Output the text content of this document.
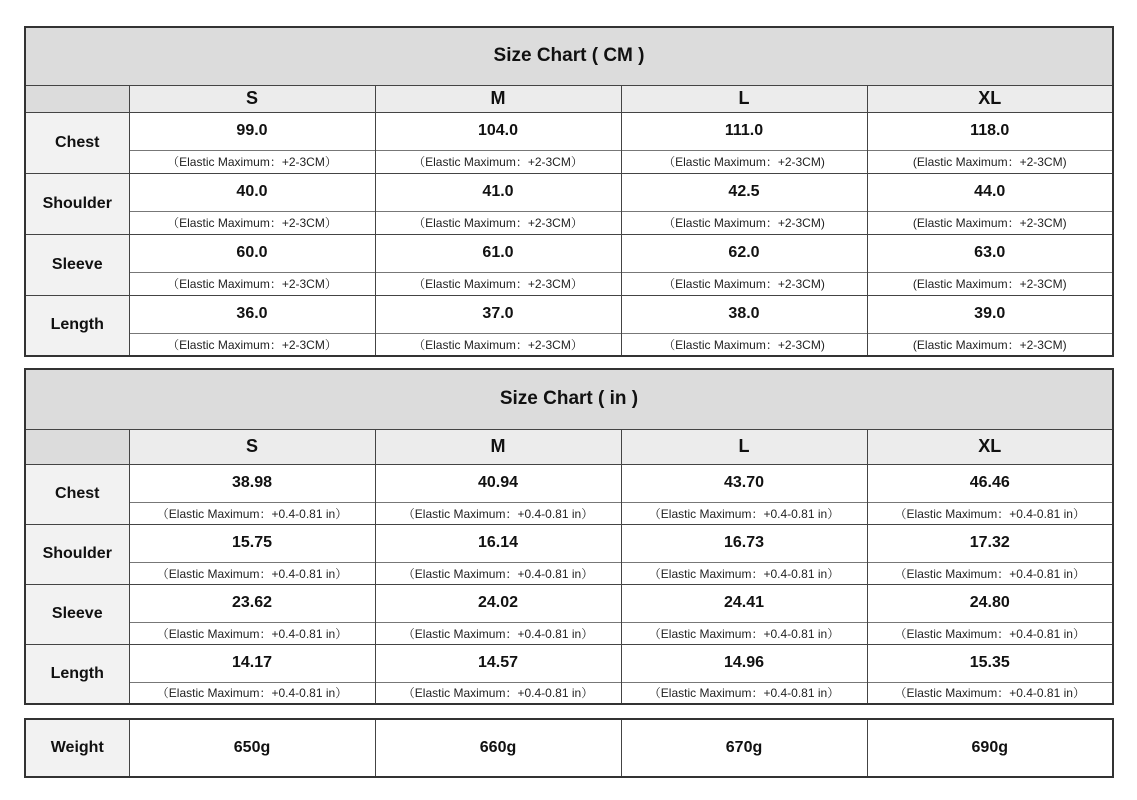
Size Chart ( CM )				
	S	M	L	XL
Chest	99.0	104.0	111.0	118.0
	（Elastic Maximum：+2-3CM）	（Elastic Maximum：+2-3CM）	（Elastic Maximum：+2-3CM)	(Elastic Maximum：+2-3CM)
Shoulder	40.0	41.0	42.5	44.0
	（Elastic Maximum：+2-3CM）	（Elastic Maximum：+2-3CM）	（Elastic Maximum：+2-3CM)	(Elastic Maximum：+2-3CM)
Sleeve	60.0	61.0	62.0	63.0
	（Elastic Maximum：+2-3CM）	（Elastic Maximum：+2-3CM）	（Elastic Maximum：+2-3CM)	(Elastic Maximum：+2-3CM)
Length	36.0	37.0	38.0	39.0
	（Elastic Maximum：+2-3CM）	（Elastic Maximum：+2-3CM）	（Elastic Maximum：+2-3CM)	(Elastic Maximum：+2-3CM)
Size Chart ( in )				
	S	M	L	XL
Chest	38.98	40.94	43.70	46.46
	（Elastic Maximum：+0.4-0.81 in）	（Elastic Maximum：+0.4-0.81 in）	（Elastic Maximum：+0.4-0.81 in）	（Elastic Maximum：+0.4-0.81 in）
Shoulder	15.75	16.14	16.73	17.32
	（Elastic Maximum：+0.4-0.81 in）	（Elastic Maximum：+0.4-0.81 in）	（Elastic Maximum：+0.4-0.81 in）	（Elastic Maximum：+0.4-0.81 in）
Sleeve	23.62	24.02	24.41	24.80
	（Elastic Maximum：+0.4-0.81 in）	（Elastic Maximum：+0.4-0.81 in）	（Elastic Maximum：+0.4-0.81 in）	（Elastic Maximum：+0.4-0.81 in）
Length	14.17	14.57	14.96	15.35
	（Elastic Maximum：+0.4-0.81 in）	（Elastic Maximum：+0.4-0.81 in）	（Elastic Maximum：+0.4-0.81 in）	（Elastic Maximum：+0.4-0.81 in）
Weight	650g	660g	670g	690g
